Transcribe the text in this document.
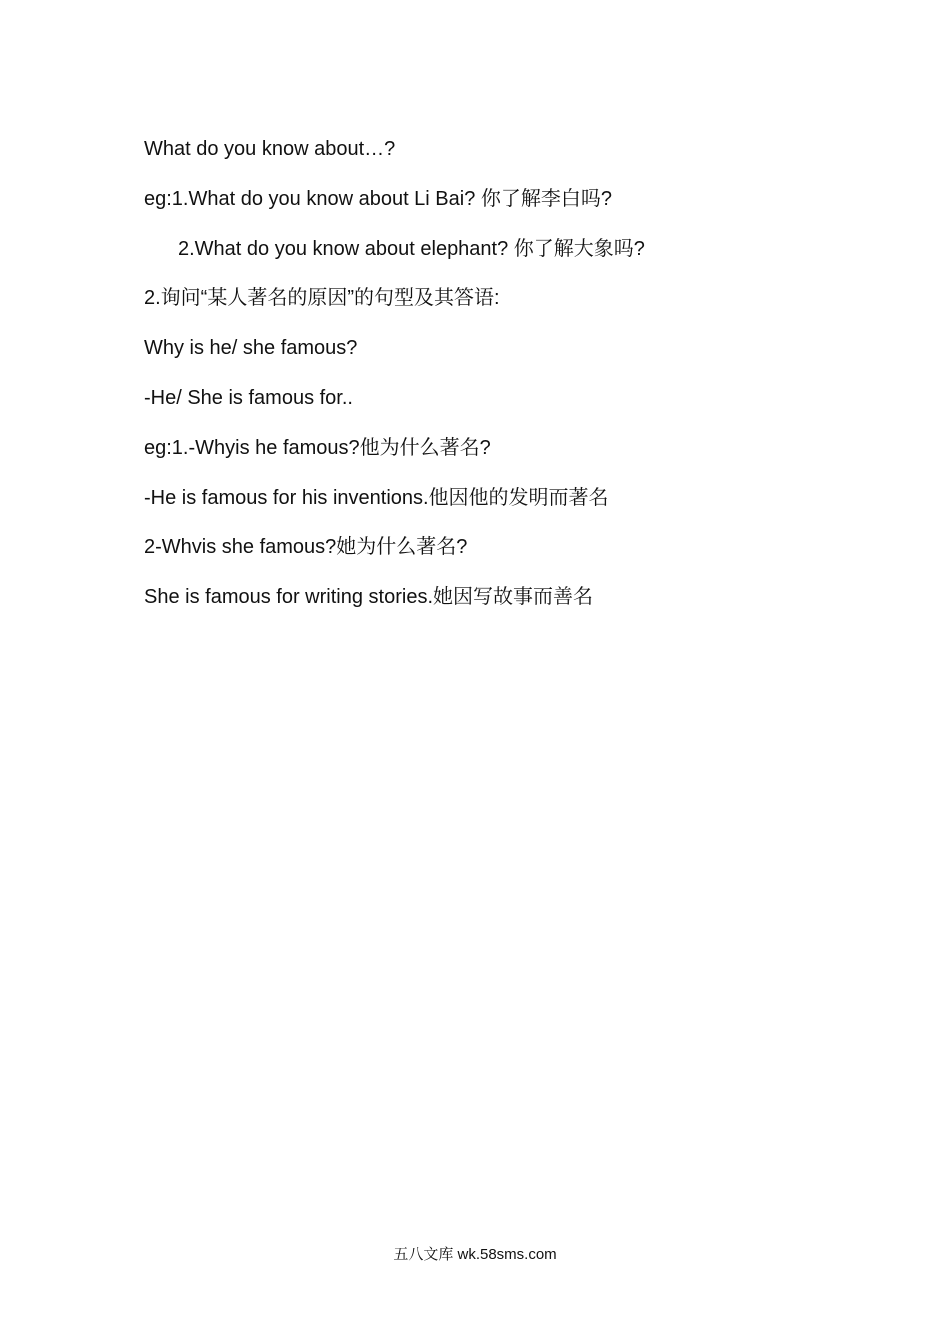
What do you know about…?
eg:1.What do you know about Li Bai? 你了解李白吗?
2.What do you know about elephant? 你了解大象吗?
2.询问“某人著名的原因”的句型及其答语:
Why is he/ she famous?
-He/ She is famous for..
eg:1.-Whyis he famous?他为什么著名?
-He is famous for his inventions.他因他的发明而著名
2-Whvis she famous?她为什么著名?
She is famous for writing stories.她因写故事而善名
五八文库 wk.58sms.com
